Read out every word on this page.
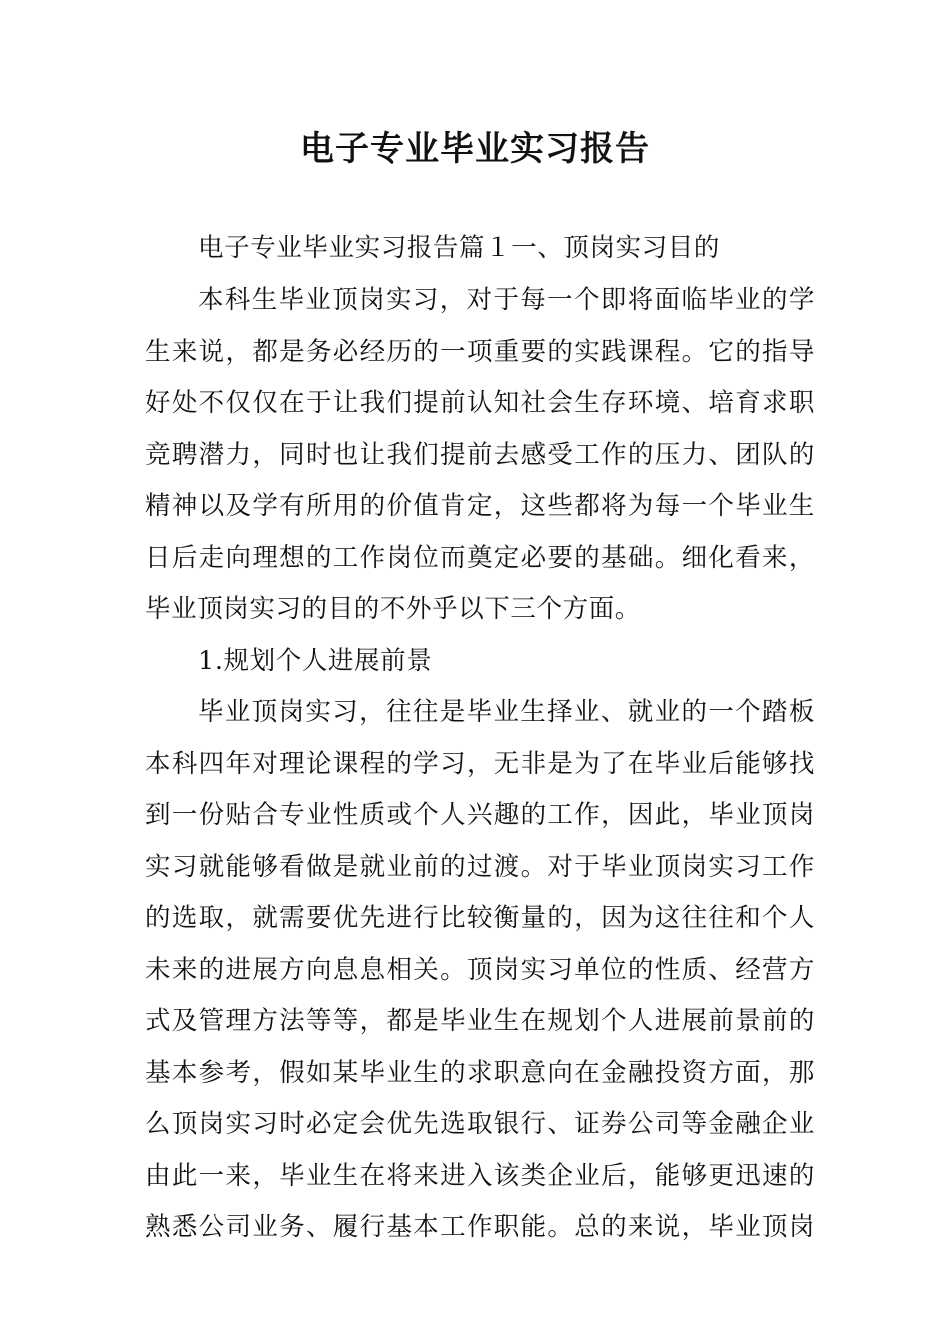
电子专业毕业实习报告

电子专业毕业实习报告篇１一、顶岗实习目的

本科生毕业顶岗实习，对于每一个即将面临毕业的学

生来说，都是务必经历的一项重要的实践课程。它的指导

好处不仅仅在于让我们提前认知社会生存环境、培育求职

竞聘潜力，同时也让我们提前去感受工作的压力、团队的

精神以及学有所用的价值肯定，这些都将为每一个毕业生

日后走向理想的工作岗位而奠定必要的基础。细化看来，

毕业顶岗实习的目的不外乎以下三个方面。

1.规划个人进展前景

毕业顶岗实习，往往是毕业生择业、就业的一个踏板

本科四年对理论课程的学习，无非是为了在毕业后能够找

到一份贴合专业性质或个人兴趣的工作，因此，毕业顶岗

实习就能够看做是就业前的过渡。对于毕业顶岗实习工作

的选取，就需要优先进行比较衡量的，因为这往往和个人

未来的进展方向息息相关。顶岗实习单位的性质、经营方

式及管理方法等等，都是毕业生在规划个人进展前景前的

基本参考，假如某毕业生的求职意向在金融投资方面，那

么顶岗实习时必定会优先选取银行、证券公司等金融企业

由此一来，毕业生在将来进入该类企业后，能够更迅速的

熟悉公司业务、履行基本工作职能。总的来说，毕业顶岗
